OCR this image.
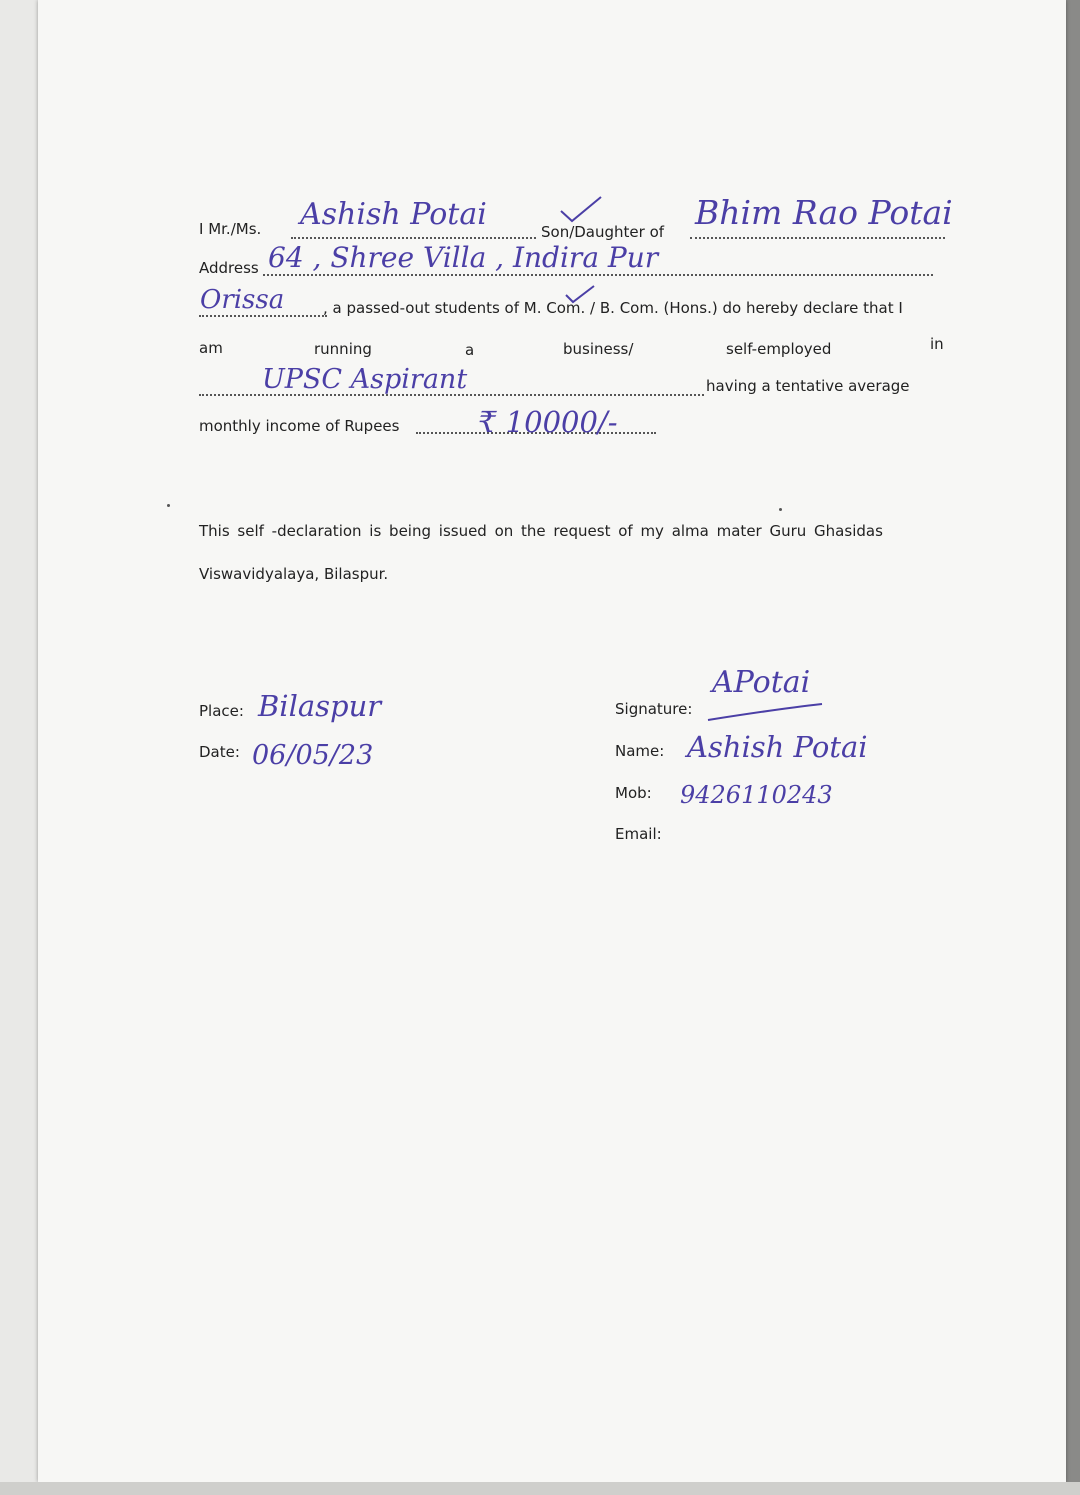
I Mr./Ms. Ashish Potai	Son/Daughter of Bhim Rao Potai
Address 64 , Shree Villa , Indira Pur
Orissa	, a passed-out students of M. Com. / B. Com. (Hons.) do hereby declare that I
am	running	a	business/	self-employed	in
UPSC Aspirant	having a tentative average
monthly income of Rupees	₹ 10000/-
This self -declaration is being issued on the request of my alma mater Guru Ghasidas
Viswavidyalaya, Bilaspur.
Place: Bilaspur
Date: 06/05/23
Signature:
APotai
Name: Ashish Potai
Mob: 9426110243
Email:
